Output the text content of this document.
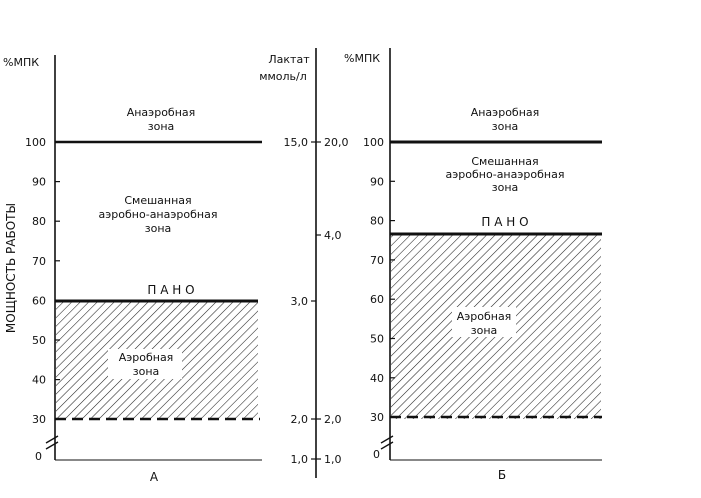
МОЩНОСТЬ РАБОТЫ
%МПК
Анаэробная
зона
Смешанная
аэробно-анаэробная
зона
П А Н О
Аэробная
зона
А
100
90
80
70
60
50
40
30
0
Лактат
ммоль/л
15,0 20,0
4,0
3,0
2,0 2,0
1,0 1,0
%МПК
Анаэробная
зона
Смешанная
аэробно-анаэробная
зона
П А Н О
Аэробная
зона
Б
100
90
80
70
60
50
40
30
0
